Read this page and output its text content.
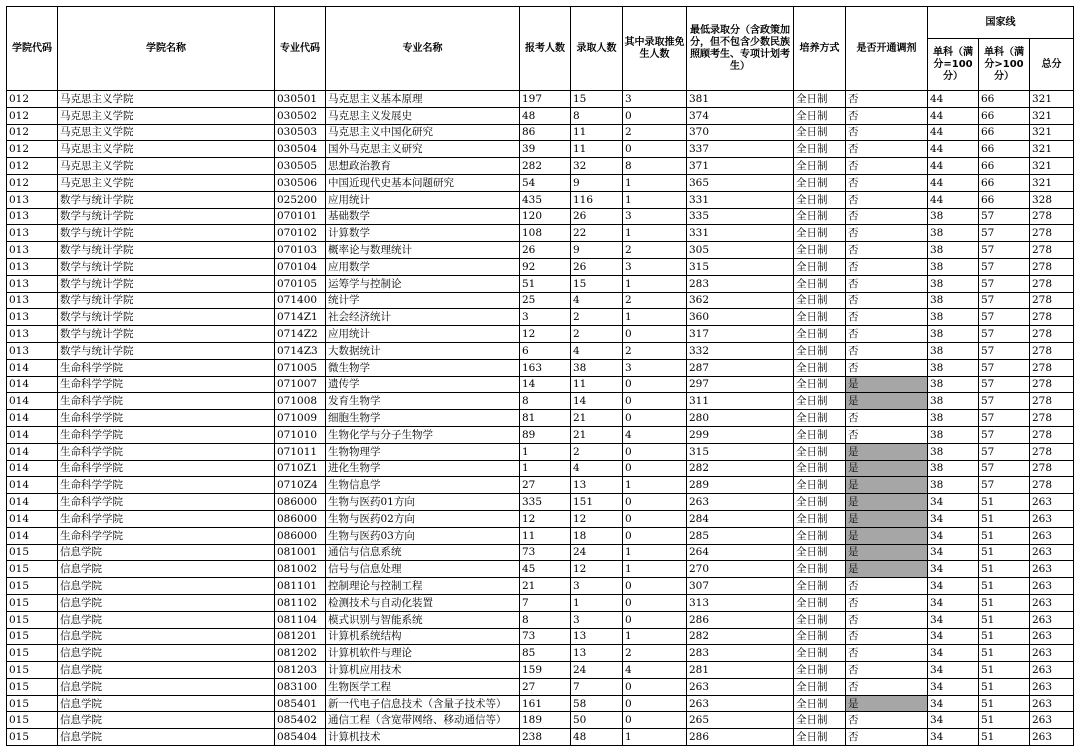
学院代码	学院名称	专业代码	专业名称	报考人数	录取人数	其中录取推免生人数	最低录取分（含政策加分，但不包含少数民族照顾考生、专项计划考生）	培养方式	是否开通调剂	国家线		
										单科（满分=100分）	单科（满分>100分）	总分
012	马克思主义学院	030501	马克思主义基本原理	197	15	3	381	全日制	否	44	66	321
012	马克思主义学院	030502	马克思主义发展史	48	8	0	374	全日制	否	44	66	321
012	马克思主义学院	030503	马克思主义中国化研究	86	11	2	370	全日制	否	44	66	321
012	马克思主义学院	030504	国外马克思主义研究	39	11	0	337	全日制	否	44	66	321
012	马克思主义学院	030505	思想政治教育	282	32	8	371	全日制	否	44	66	321
012	马克思主义学院	030506	中国近现代史基本问题研究	54	9	1	365	全日制	否	44	66	321
013	数学与统计学院	025200	应用统计	435	116	1	331	全日制	否	44	66	328
013	数学与统计学院	070101	基础数学	120	26	3	335	全日制	否	38	57	278
013	数学与统计学院	070102	计算数学	108	22	1	331	全日制	否	38	57	278
013	数学与统计学院	070103	概率论与数理统计	26	9	2	305	全日制	否	38	57	278
013	数学与统计学院	070104	应用数学	92	26	3	315	全日制	否	38	57	278
013	数学与统计学院	070105	运筹学与控制论	51	15	1	283	全日制	否	38	57	278
013	数学与统计学院	071400	统计学	25	4	2	362	全日制	否	38	57	278
013	数学与统计学院	0714Z1	社会经济统计	3	2	1	360	全日制	否	38	57	278
013	数学与统计学院	0714Z2	应用统计	12	2	0	317	全日制	否	38	57	278
013	数学与统计学院	0714Z3	大数据统计	6	4	2	332	全日制	否	38	57	278
014	生命科学学院	071005	微生物学	163	38	3	287	全日制	否	38	57	278
014	生命科学学院	071007	遗传学	14	11	0	297	全日制	是	38	57	278
014	生命科学学院	071008	发育生物学	8	14	0	311	全日制	是	38	57	278
014	生命科学学院	071009	细胞生物学	81	21	0	280	全日制	否	38	57	278
014	生命科学学院	071010	生物化学与分子生物学	89	21	4	299	全日制	否	38	57	278
014	生命科学学院	071011	生物物理学	1	2	0	315	全日制	是	38	57	278
014	生命科学学院	0710Z1	进化生物学	1	4	0	282	全日制	是	38	57	278
014	生命科学学院	0710Z4	生物信息学	27	13	1	289	全日制	是	38	57	278
014	生命科学学院	086000	生物与医药01方向	335	151	0	263	全日制	是	34	51	263
014	生命科学学院	086000	生物与医药02方向	12	12	0	284	全日制	是	34	51	263
014	生命科学学院	086000	生物与医药03方向	11	18	0	285	全日制	是	34	51	263
015	信息学院	081001	通信与信息系统	73	24	1	264	全日制	是	34	51	263
015	信息学院	081002	信号与信息处理	45	12	1	270	全日制	是	34	51	263
015	信息学院	081101	控制理论与控制工程	21	3	0	307	全日制	否	34	51	263
015	信息学院	081102	检测技术与自动化装置	7	1	0	313	全日制	否	34	51	263
015	信息学院	081104	模式识别与智能系统	8	3	0	286	全日制	否	34	51	263
015	信息学院	081201	计算机系统结构	73	13	1	282	全日制	否	34	51	263
015	信息学院	081202	计算机软件与理论	85	13	2	283	全日制	否	34	51	263
015	信息学院	081203	计算机应用技术	159	24	4	281	全日制	否	34	51	263
015	信息学院	083100	生物医学工程	27	7	0	263	全日制	否	34	51	263
015	信息学院	085401	新一代电子信息技术（含量子技术等）	161	58	0	263	全日制	是	34	51	263
015	信息学院	085402	通信工程（含宽带网络、移动通信等）	189	50	0	265	全日制	否	34	51	263
015	信息学院	085404	计算机技术	238	48	1	286	全日制	否	34	51	263
